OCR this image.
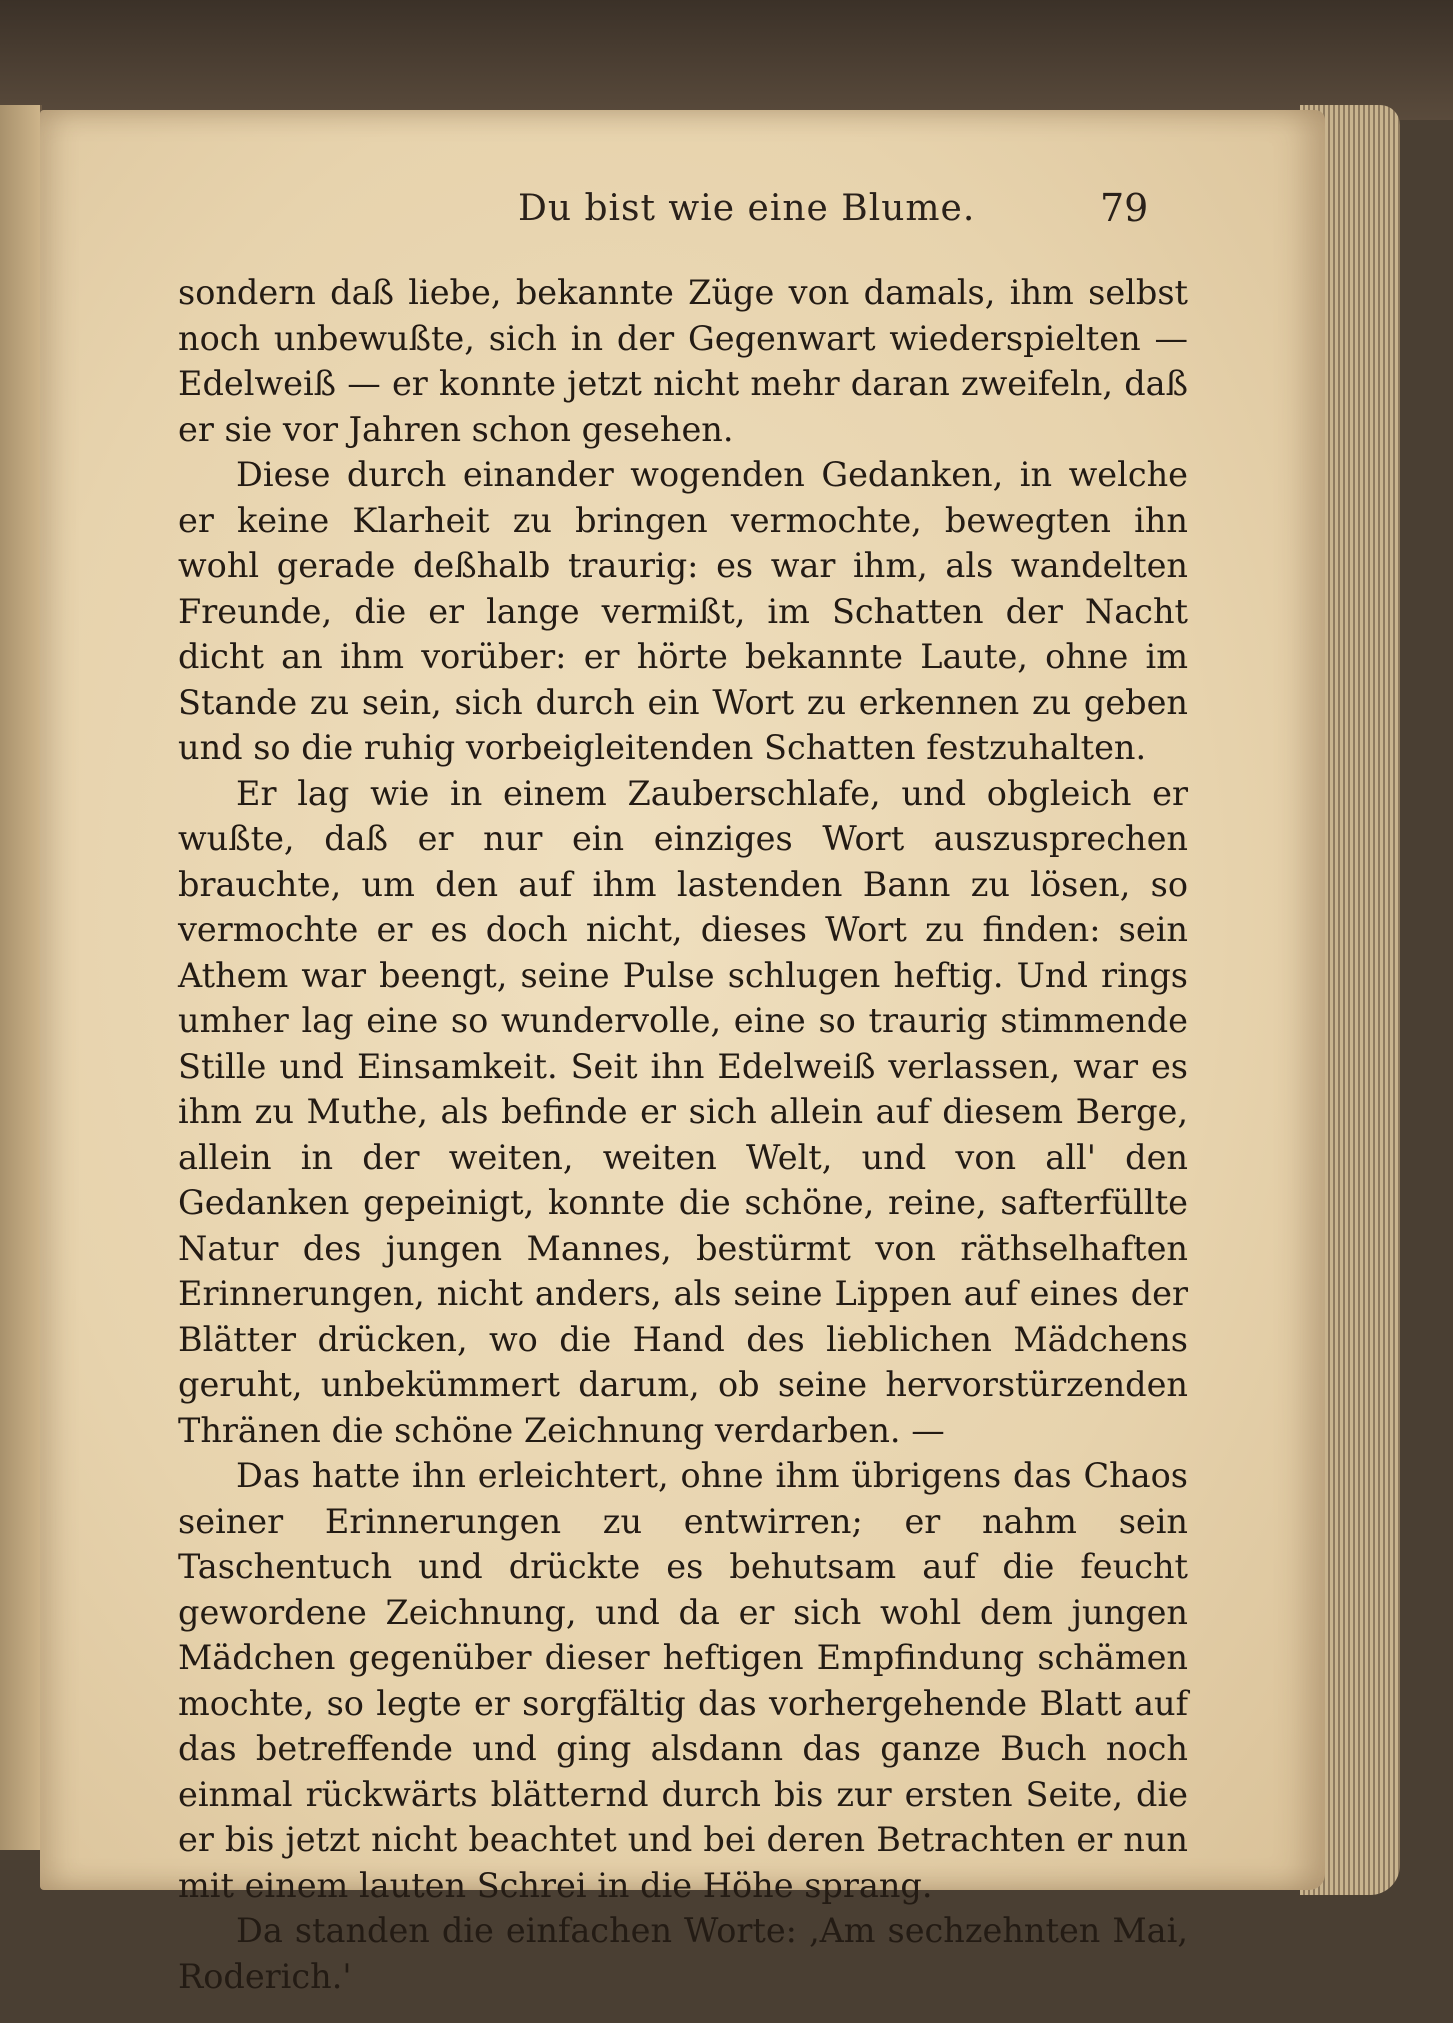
Du bist wie eine Blume.	79

sondern daß liebe, bekannte Züge von damals, ihm selbst noch unbewußte, sich in der Gegenwart wiederspielten — Edelweiß — er konnte jetzt nicht mehr daran zweifeln, daß er sie vor Jahren schon gesehen.

Diese durch einander wogenden Gedanken, in welche er keine Klarheit zu bringen vermochte, bewegten ihn wohl gerade deßhalb traurig: es war ihm, als wandelten Freunde, die er lange vermißt, im Schatten der Nacht dicht an ihm vorüber: er hörte bekannte Laute, ohne im Stande zu sein, sich durch ein Wort zu erkennen zu geben und so die ruhig vorbeigleitenden Schatten festzuhalten.

Er lag wie in einem Zauberschlafe, und obgleich er wußte, daß er nur ein einziges Wort auszusprechen brauchte, um den auf ihm lastenden Bann zu lösen, so vermochte er es doch nicht, dieses Wort zu finden: sein Athem war beengt, seine Pulse schlugen heftig. Und rings umher lag eine so wundervolle, eine so traurig stimmende Stille und Einsamkeit. Seit ihn Edelweiß verlassen, war es ihm zu Muthe, als befinde er sich allein auf diesem Berge, allein in der weiten, weiten Welt, und von all' den Gedanken gepeinigt, konnte die schöne, reine, safterfüllte Natur des jungen Mannes, bestürmt von räthselhaften Erinnerungen, nicht anders, als seine Lippen auf eines der Blätter drücken, wo die Hand des lieblichen Mädchens geruht, unbekümmert darum, ob seine hervorstürzenden Thränen die schöne Zeichnung verdarben. —

Das hatte ihn erleichtert, ohne ihm übrigens das Chaos seiner Erinnerungen zu entwirren; er nahm sein Taschentuch und drückte es behutsam auf die feucht gewordene Zeichnung, und da er sich wohl dem jungen Mädchen gegenüber dieser heftigen Empfindung schämen mochte, so legte er sorgfältig das vorhergehende Blatt auf das betreffende und ging alsdann das ganze Buch noch einmal rückwärts blätternd durch bis zur ersten Seite, die er bis jetzt nicht beachtet und bei deren Betrachten er nun mit einem lauten Schrei in die Höhe sprang.

Da standen die einfachen Worte: ‚Am sechzehnten Mai, Roderich.'
